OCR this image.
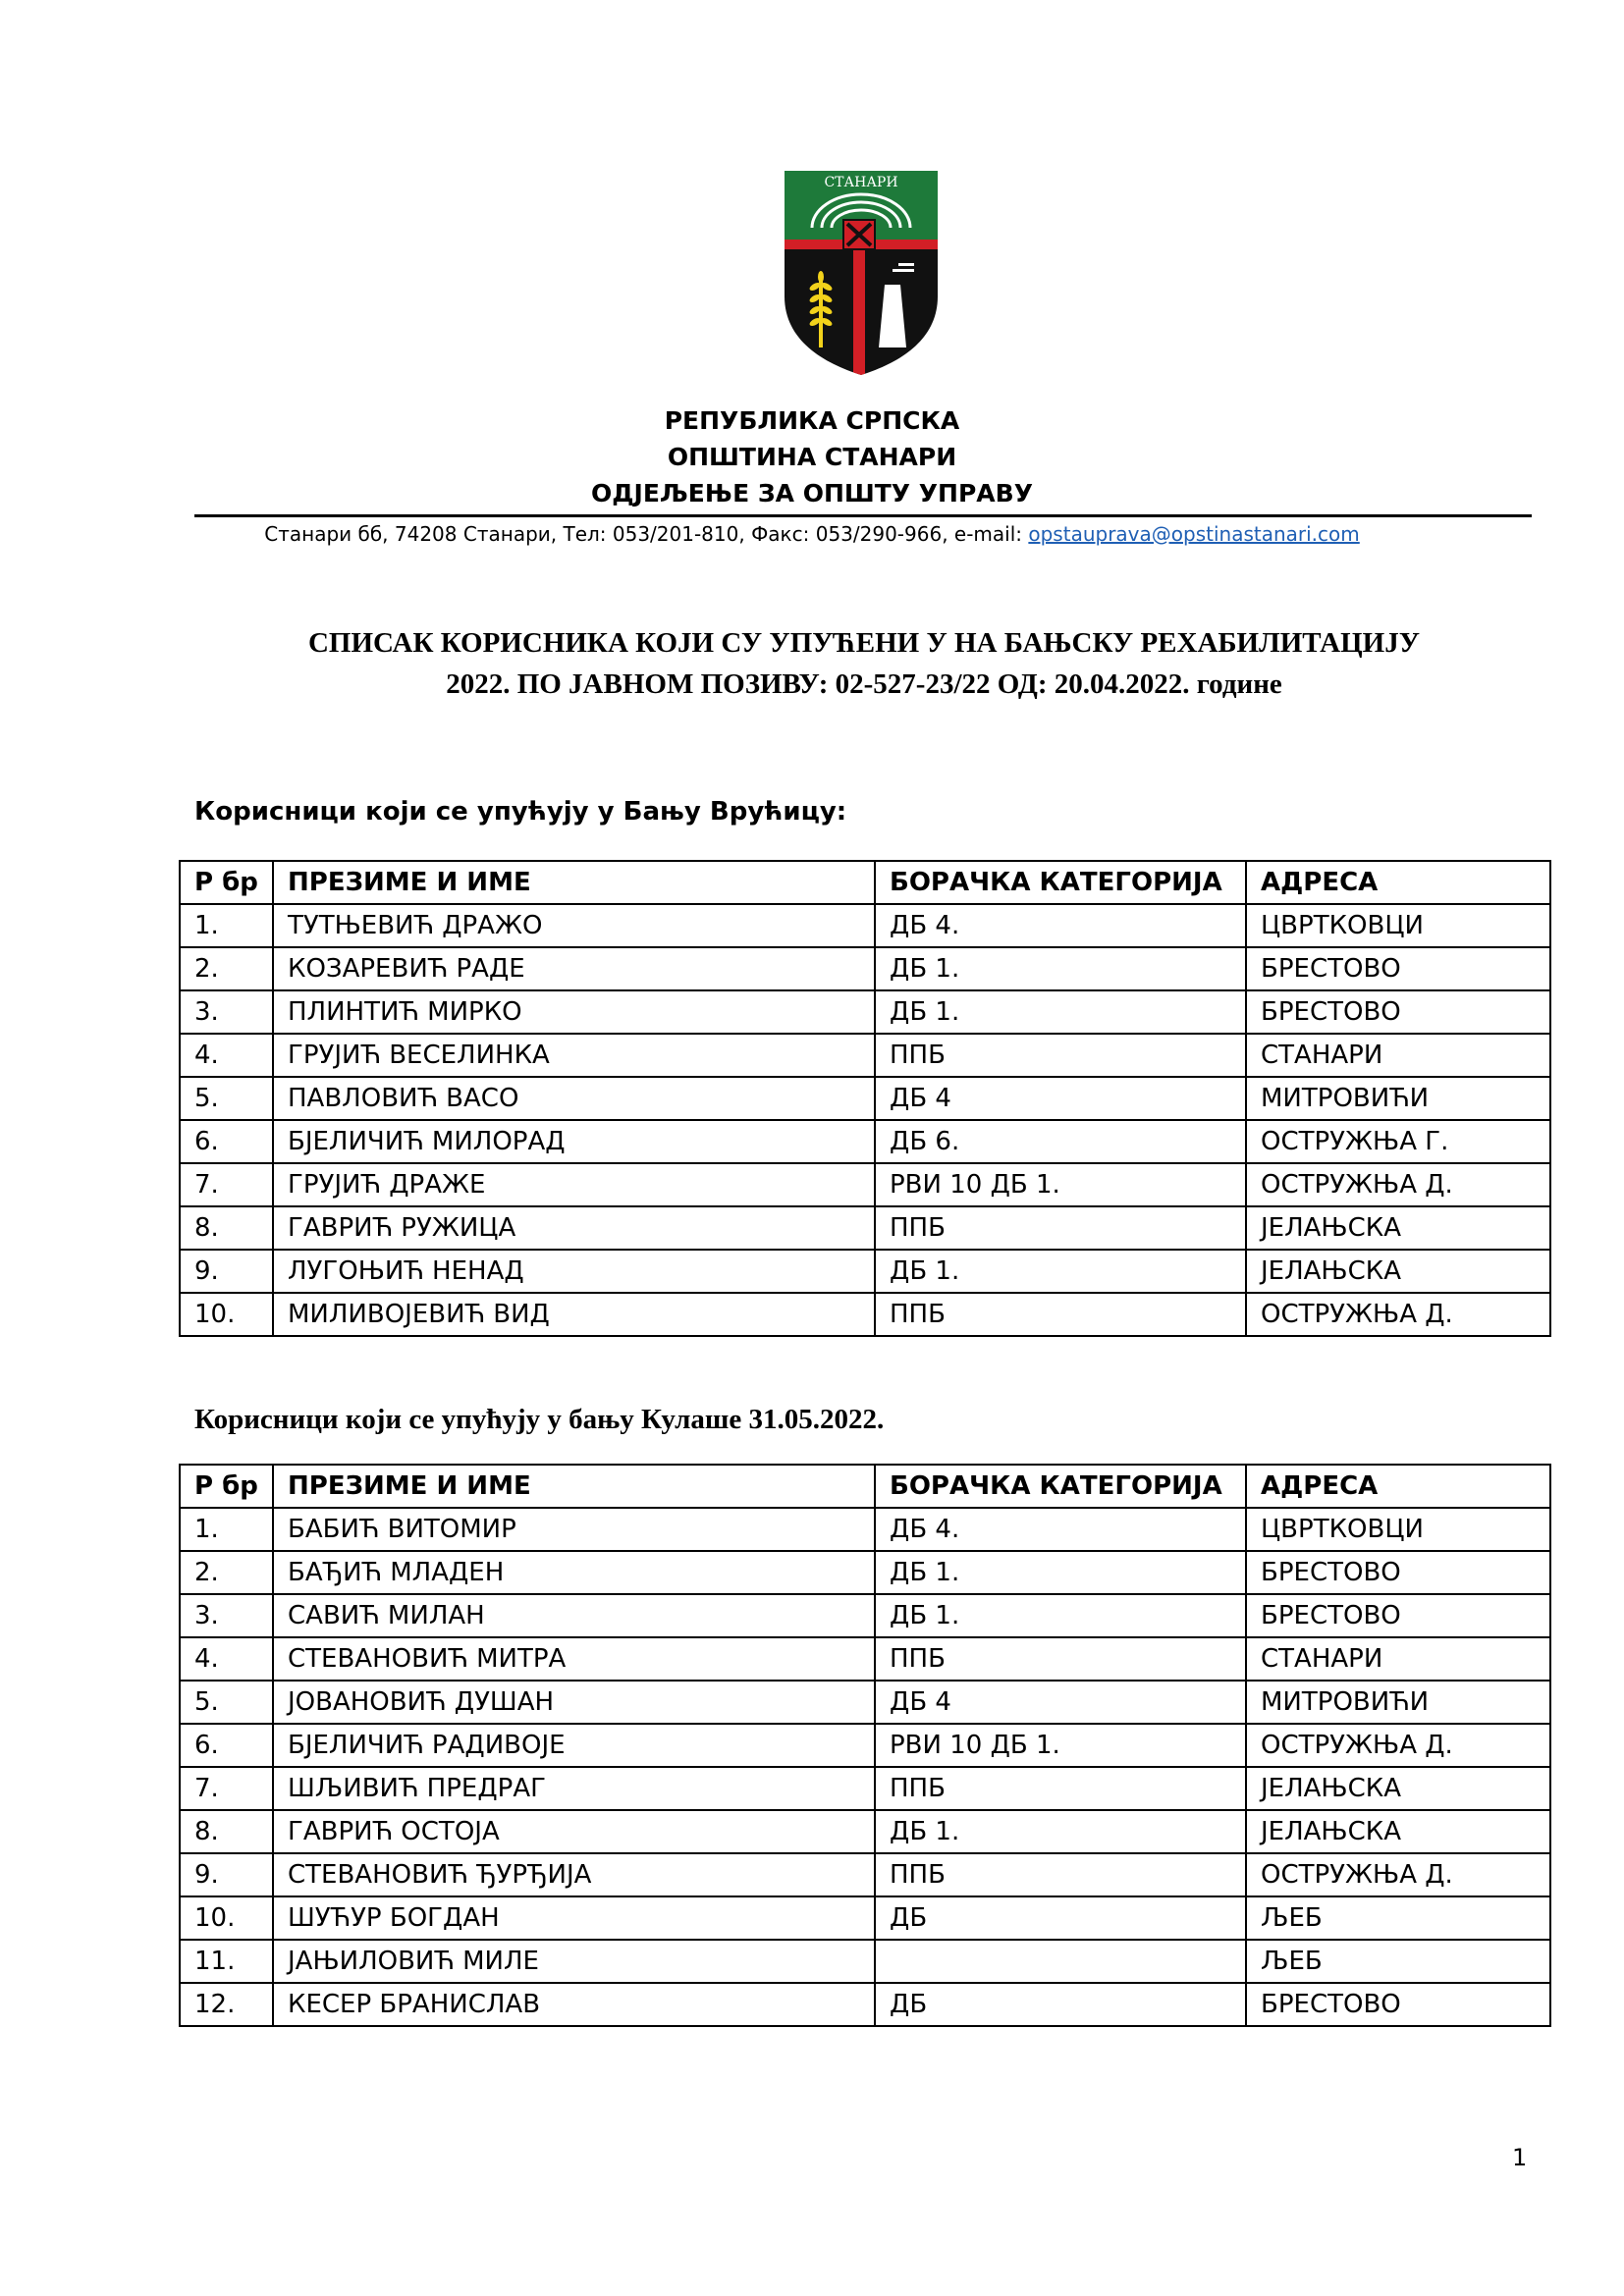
СТАНАРИ
РЕПУБЛИКА СРПСКА
ОПШТИНА СТАНАРИ
ОДЈЕЉЕЊЕ ЗА ОПШТУ УПРАВУ
Станари бб, 74208 Станари, Тел: 053/201-810, Факс: 053/290-966, e-mail: opstauprava@opstinastanari.com
СПИСАК КОРИСНИКА КОЈИ СУ УПУЋЕНИ У НА БАЊСКУ РЕХАБИЛИТАЦИЈУ
2022. ПО ЈАВНОМ ПОЗИВУ: 02-527-23/22 ОД: 20.04.2022. године
Корисници који се упућују у Бању Врућицу:
Р бр	ПРЕЗИМЕ И ИМЕ	БОРАЧКА КАТЕГОРИЈА	АДРЕСА
1.	ТУТЊЕВИЋ ДРАЖО	ДБ 4.	ЦВРТКОВЦИ
2.	КОЗАРЕВИЋ РАДЕ	ДБ 1.	БРЕСТОВО
3.	ПЛИНТИЋ МИРКО	ДБ 1.	БРЕСТОВО
4.	ГРУЈИЋ ВЕСЕЛИНКА	ППБ	СТАНАРИ
5.	ПАВЛОВИЋ ВАСО	ДБ 4	МИТРОВИЋИ
6.	БЈЕЛИЧИЋ МИЛОРАД	ДБ 6.	ОСТРУЖЊА Г.
7.	ГРУЈИЋ ДРАЖЕ	РВИ 10 ДБ 1.	ОСТРУЖЊА Д.
8.	ГАВРИЋ РУЖИЦА	ППБ	ЈЕЛАЊСКА
9.	ЛУГОЊИЋ НЕНАД	ДБ 1.	ЈЕЛАЊСКА
10.	МИЛИВОЈЕВИЋ ВИД	ППБ	ОСТРУЖЊА Д.
Корисници који се упућују у бању Кулаше 31.05.2022.
Р бр	ПРЕЗИМЕ И ИМЕ	БОРАЧКА КАТЕГОРИЈА	АДРЕСА
1.	БАБИЋ ВИТОМИР	ДБ 4.	ЦВРТКОВЦИ
2.	БАЂИЋ МЛАДЕН	ДБ 1.	БРЕСТОВО
3.	САВИЋ МИЛАН	ДБ 1.	БРЕСТОВО
4.	СТЕВАНОВИЋ МИТРА	ППБ	СТАНАРИ
5.	ЈОВАНОВИЋ ДУШАН	ДБ 4	МИТРОВИЋИ
6.	БЈЕЛИЧИЋ РАДИВОЈЕ	РВИ 10 ДБ 1.	ОСТРУЖЊА Д.
7.	ШЉИВИЋ ПРЕДРАГ	ППБ	ЈЕЛАЊСКА
8.	ГАВРИЋ ОСТОЈА	ДБ 1.	ЈЕЛАЊСКА
9.	СТЕВАНОВИЋ ЂУРЂИЈА	ППБ	ОСТРУЖЊА Д.
10.	ШУЋУР БОГДАН	ДБ	ЉЕБ
11.	ЈАЊИЛОВИЋ МИЛЕ		ЉЕБ
12.	КЕСЕР БРАНИСЛАВ	ДБ	БРЕСТОВО
1
